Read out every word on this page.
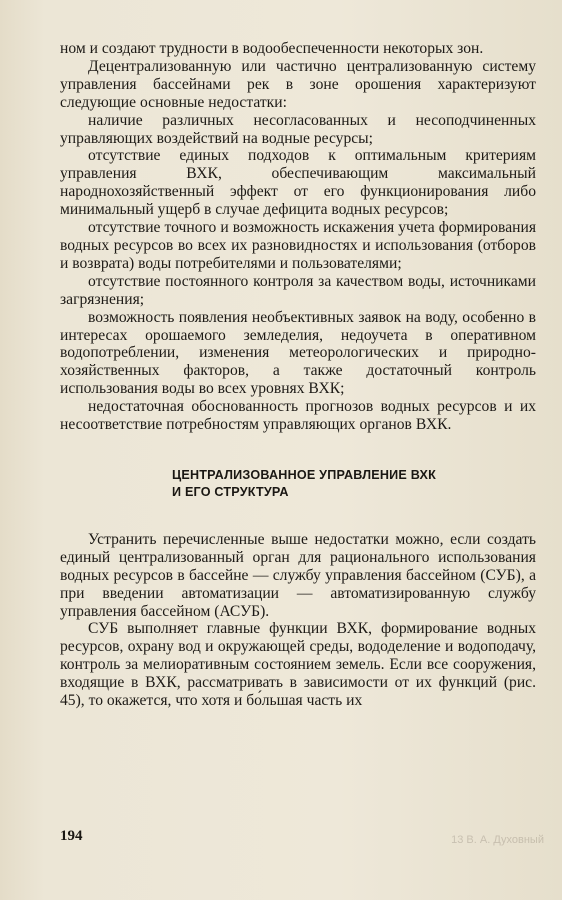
ном и создают трудности в водообеспеченности некоторых зон.

Децентрализованную или частично централизованную систему управления бассейнами рек в зоне орошения характеризуют следующие основные недостатки:

наличие различных несогласованных и несоподчиненных управляющих воздействий на водные ресурсы;

отсутствие единых подходов к оптимальным критериям управления ВХК, обеспечивающим максимальный народнохозяйственный эффект от его функционирования либо минимальный ущерб в случае дефицита водных ресурсов;

отсутствие точного и возможность искажения учета формирования водных ресурсов во всех их разновидностях и использования (отборов и возврата) воды потребителями и пользователями;

отсутствие постоянного контроля за качеством воды, источниками загрязнения;

возможность появления необъективных заявок на воду, особенно в интересах орошаемого земледелия, недоучета в оперативном водопотреблении, изменения метеорологических и природно-хозяйственных факторов, а также достаточный контроль использования воды во всех уровнях ВХК;

недостаточная обоснованность прогнозов водных ресурсов и их несоответствие потребностям управляющих органов ВХК.

ЦЕНТРАЛИЗОВАННОЕ УПРАВЛЕНИЕ ВХК
И ЕГО СТРУКТУРА

Устранить перечисленные выше недостатки можно, если создать единый централизованный орган для рационального использования водных ресурсов в бассейне — службу управления бассейном (СУБ), а при введении автоматизации — автоматизированную службу управления бассейном (АСУБ).

СУБ выполняет главные функции ВХК, формирование водных ресурсов, охрану вод и окружающей среды, вододеление и водоподачу, контроль за мелиоративным состоянием земель. Если все сооружения, входящие в ВХК, рассматривать в зависимости от их функций (рис. 45), то окажется, что хотя и бо́льшая часть их

194	13 В. А. Духовный
